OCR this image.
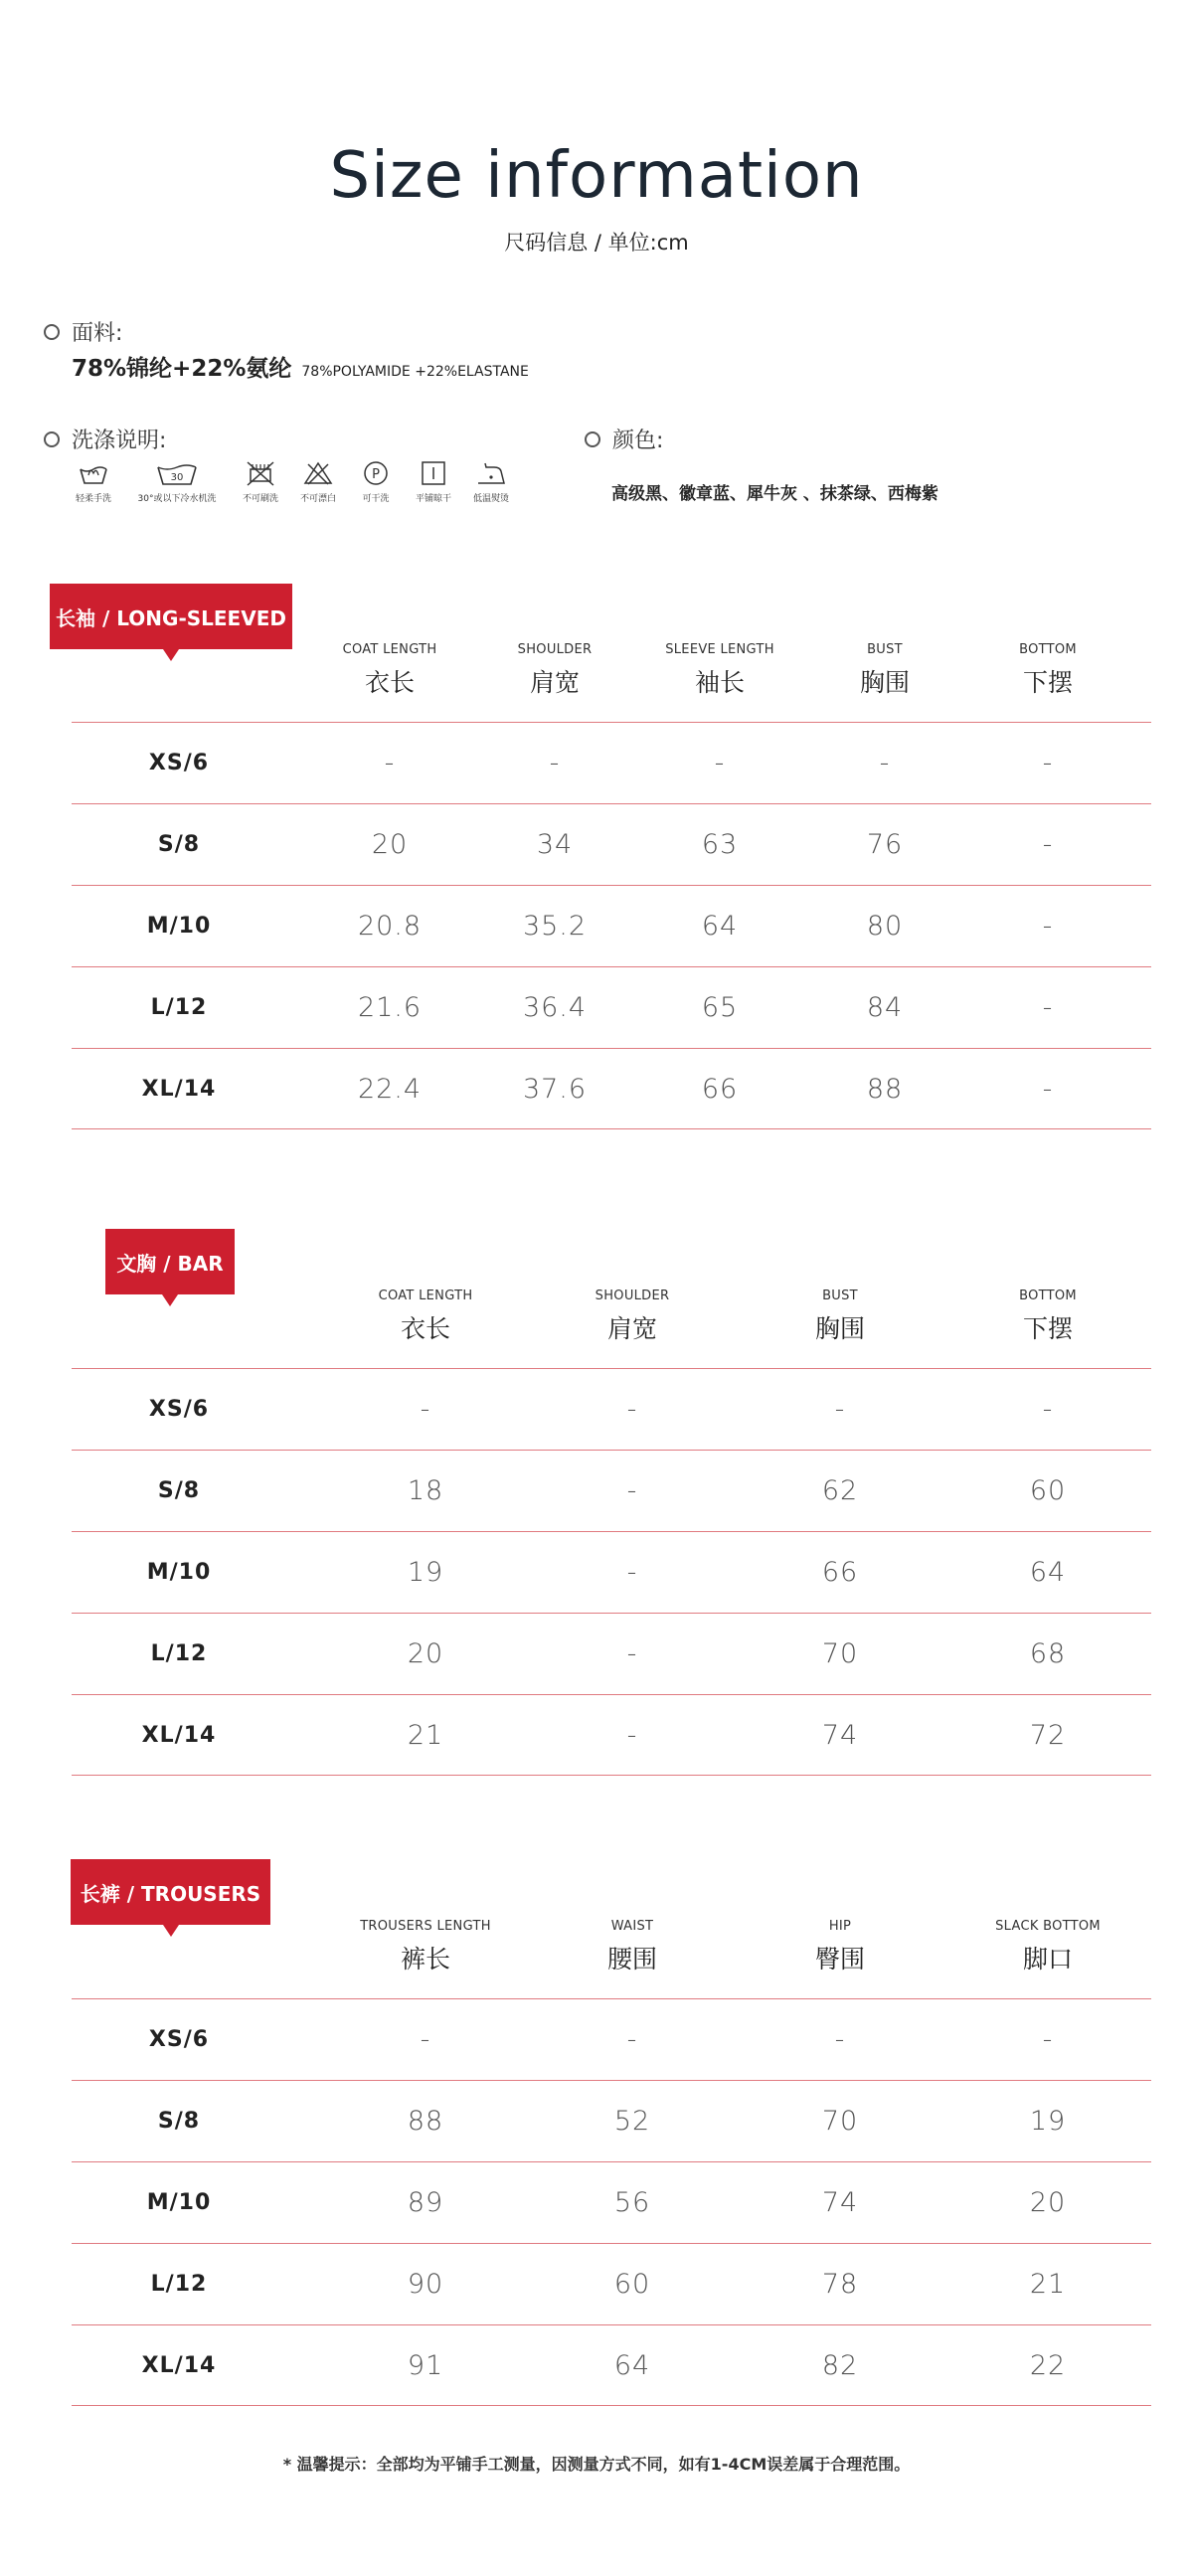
Size information
尺码信息 / 单位:cm
面料:
78%锦纶+22%氨纶 78%POLYAMIDE +22%ELASTANE
洗涤说明:
轻柔手洗
30
30°或以下冷水机洗	不可刷洗 不可漂白
P
可干洗	平铺晾干 低温熨烫
颜色:
高级黑、徽章蓝、犀牛灰 、抹茶绿、西梅紫
长袖 / LONG-SLEEVED
COAT LENGTH
衣长
SHOULDER
肩宽
SLEEVE LENGTH
袖长
BUST
胸围
BOTTOM
下摆
XS/6	-	-	-	-	-
S/8	20	34	63	76	-
M/10	20.8	35.2	64	80	-
L/12	21.6	36.4	65	84	-
XL/14	22.4	37.6	66	88	-
文胸 / BAR
COAT LENGTH
衣长
SHOULDER
肩宽
BUST
胸围
BOTTOM
下摆
XS/6	-	-	-	-
S/8	18	-	62	60
M/10	19	-	66	64
L/12	20	-	70	68
XL/14	21	-	74	72
长裤 / TROUSERS
TROUSERS LENGTH
裤长
WAIST
腰围
HIP
臀围
SLACK BOTTOM
脚口
XS/6	-	-	-	-
S/8	88	52	70	19
M/10	89	56	74	20
L/12	90	60	78	21
XL/14	91	64	82	22
* 温馨提示：全部均为平铺手工测量，因测量方式不同，如有1-4CM误差属于合理范围。
